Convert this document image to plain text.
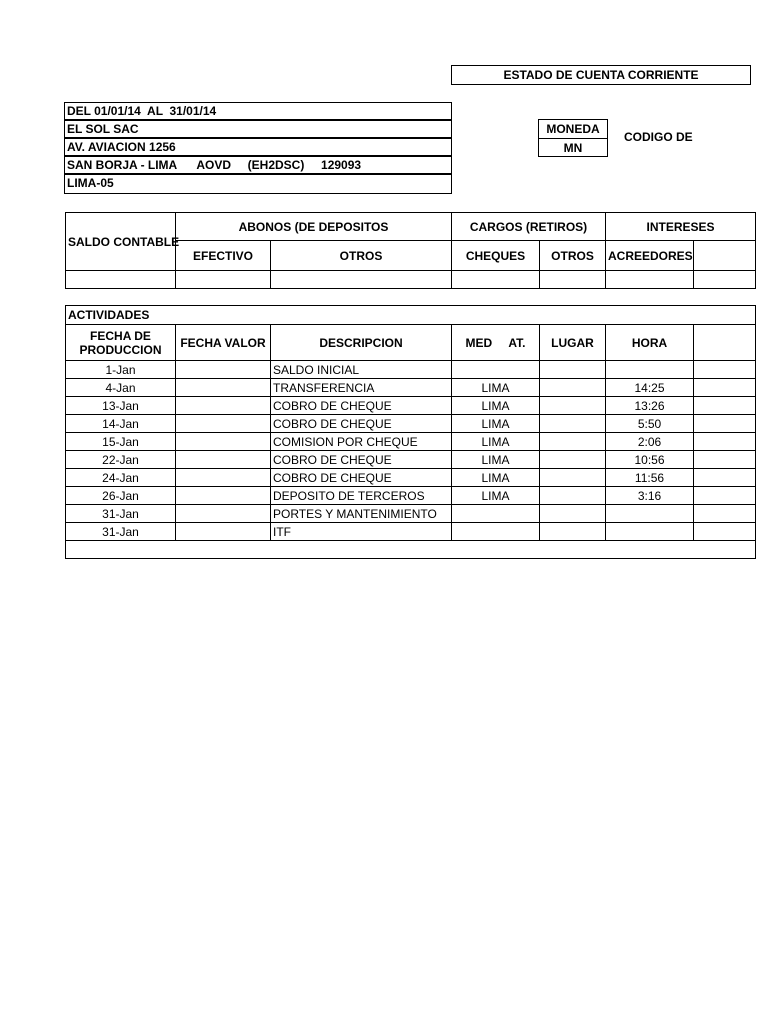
ESTADO DE CUENTA CORRIENTE
DEL 01/01/14  AL  31/01/14
EL SOL SAC
AV. AVIACION 1256
SAN BORJA - LIMA      AOVD     (EH2DSC)     129093
LIMA-05
MONEDA
MN
CODIGO DE
SALDO CONTABLE	ABONOS (DE DEPOSITOS		CARGOS (RETIROS)		INTERESES	
	EFECTIVO	OTROS	CHEQUES	OTROS	ACREEDORES	

ACTIVIDADES						
FECHA DE PRODUCCION	FECHA VALOR	DESCRIPCION	MED     AT.	LUGAR	HORA	
1-Jan		SALDO INICIAL				
4-Jan		TRANSFERENCIA	LIMA		14:25	
13-Jan		COBRO DE CHEQUE	LIMA		13:26	
14-Jan		COBRO DE CHEQUE	LIMA		5:50	
15-Jan		COMISION POR CHEQUE	LIMA		2:06	
22-Jan		COBRO DE CHEQUE	LIMA		10:56	
24-Jan		COBRO DE CHEQUE	LIMA		11:56	
26-Jan		DEPOSITO DE TERCEROS	LIMA		3:16	
31-Jan		PORTES Y MANTENIMIENTO				
31-Jan		ITF				
